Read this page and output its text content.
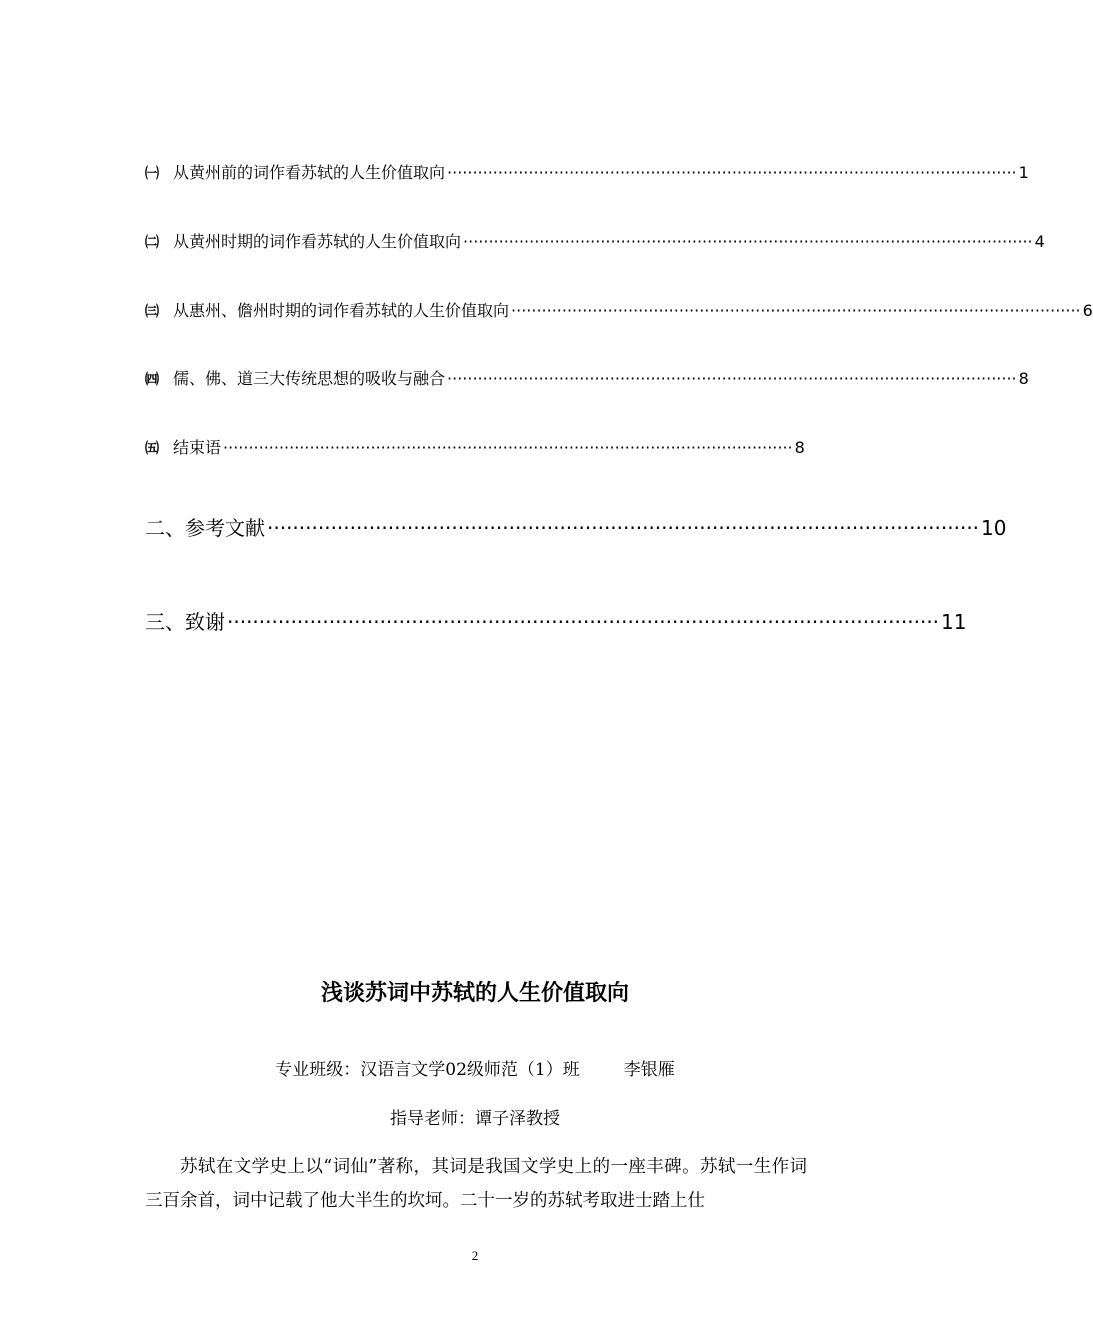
㈠ 从黄州前的词作看苏轼的人生价值取向 ················································································································ 1
㈡ 从黄州时期的词作看苏轼的人生价值取向 ················································································································ 4
㈢ 从惠州、儋州时期的词作看苏轼的人生价值取向 ················································································································ 6
㈣ 儒、佛、道三大传统思想的吸收与融合 ················································································································ 8
㈤ 结束语 ················································································································ 8
二、参考文献 ················································································································ 10
三、致谢 ················································································································ 11
浅谈苏词中苏轼的人生价值取向
专业班级：汉语言文学02级师范（1）班	李银雁
指导老师：谭子泽教授

苏轼在文学史上以“词仙”著称，其词是我国文学史上的一座丰碑。苏轼一生作词三百余首，词中记载了他大半生的坎坷。二十一岁的苏轼考取进士踏上仕

2
